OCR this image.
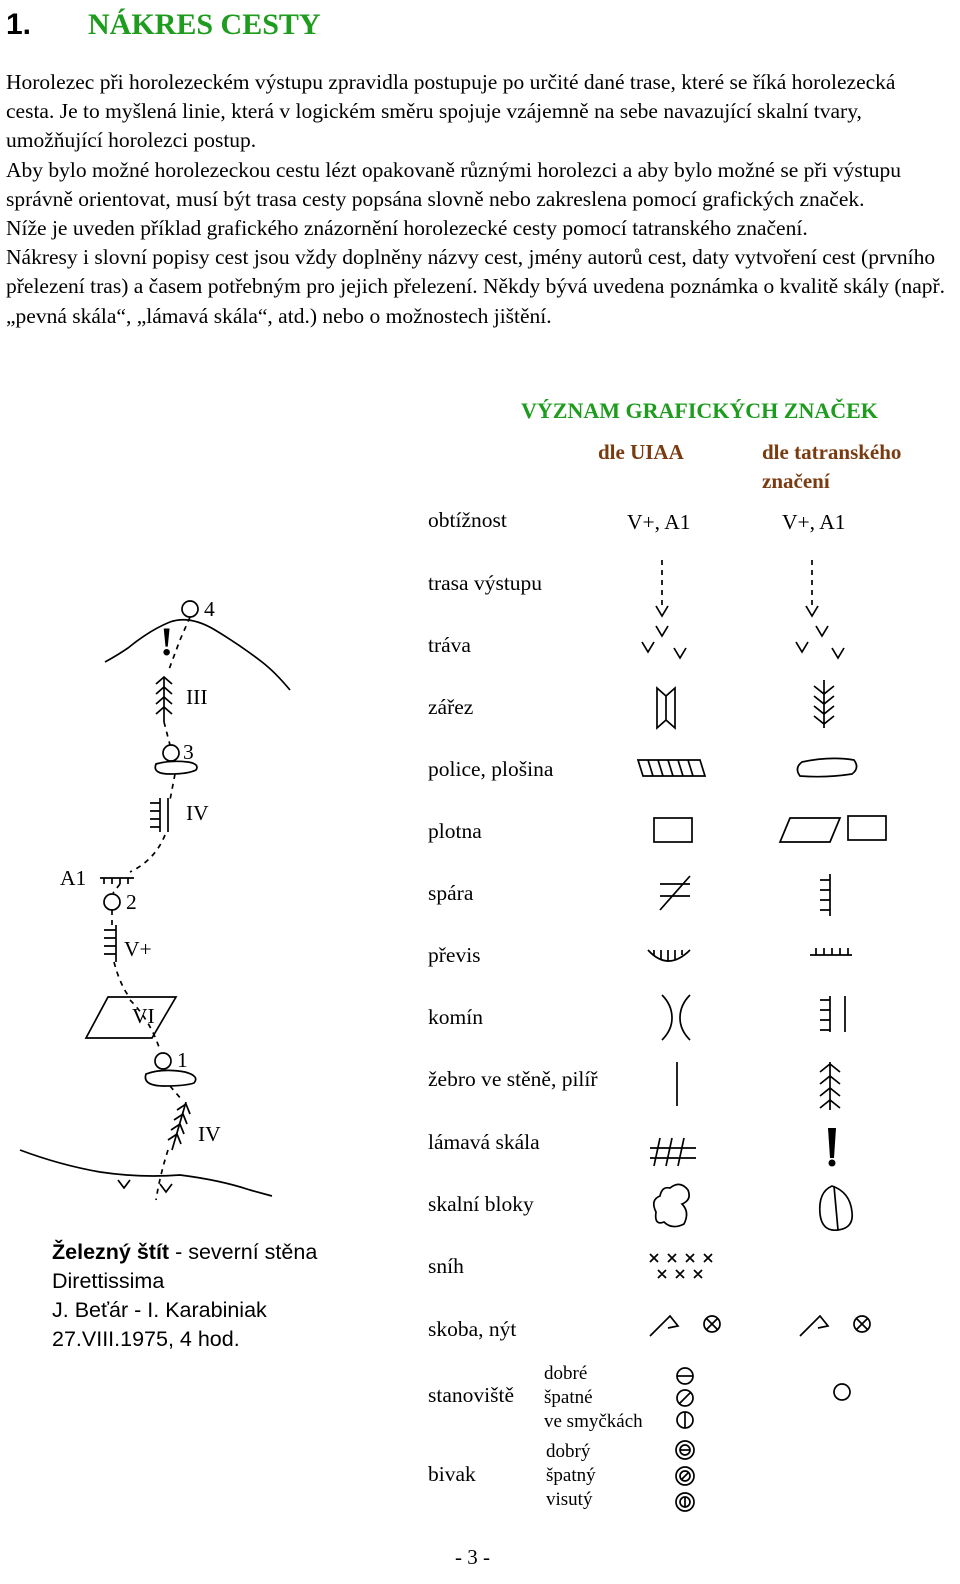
1. NÁKRES CESTY

Horolezec při horolezeckém výstupu zpravidla postupuje po určité dané trase, které se říká horolezecká cesta. Je to myšlená linie, která v logickém směru spojuje vzájemně na sebe navazující skalní tvary, umožňující horolezci postup.

Aby bylo možné horolezeckou cestu lézt opakovaně různými horolezci a aby bylo možné se při výstupu správně orientovat, musí být trasa cesty popsána slovně nebo zakreslena pomocí grafických značek.

Níže je uveden příklad grafického znázornění horolezecké cesty pomocí tatranského značení.

Nákresy i slovní popisy cest jsou vždy doplněny názvy cest, jmény autorů cest, daty vytvoření cest (prvního přelezení tras) a časem potřebným pro jejich přelezení. Někdy bývá uvedena poznámka o kvalitě skály (např. „pevná skála“, „lámavá skála“, atd.) nebo o možnostech jištění.

VÝZNAM GRAFICKÝCH ZNAČEK
dle UIAA	dle tatranského značení
obtížnost
trasa výstupu
tráva
zářez
police, plošina
plotna
spára
převis
komín
žebro ve stěně, pilíř
lámavá skála
skalní bloky
sníh
skoba, nýt
stanoviště
bivak
V+, A1	V+, A1
dobré
špatné
ve smyčkách
dobrý
špatný
visutý
4
III
3
IV
A1
2
V+
VI
1
IV
!
Železný štít - severní stěna
Direttissima
J. Beťár - I. Karabiniak
27.VIII.1975, 4 hod.
- 3 -
